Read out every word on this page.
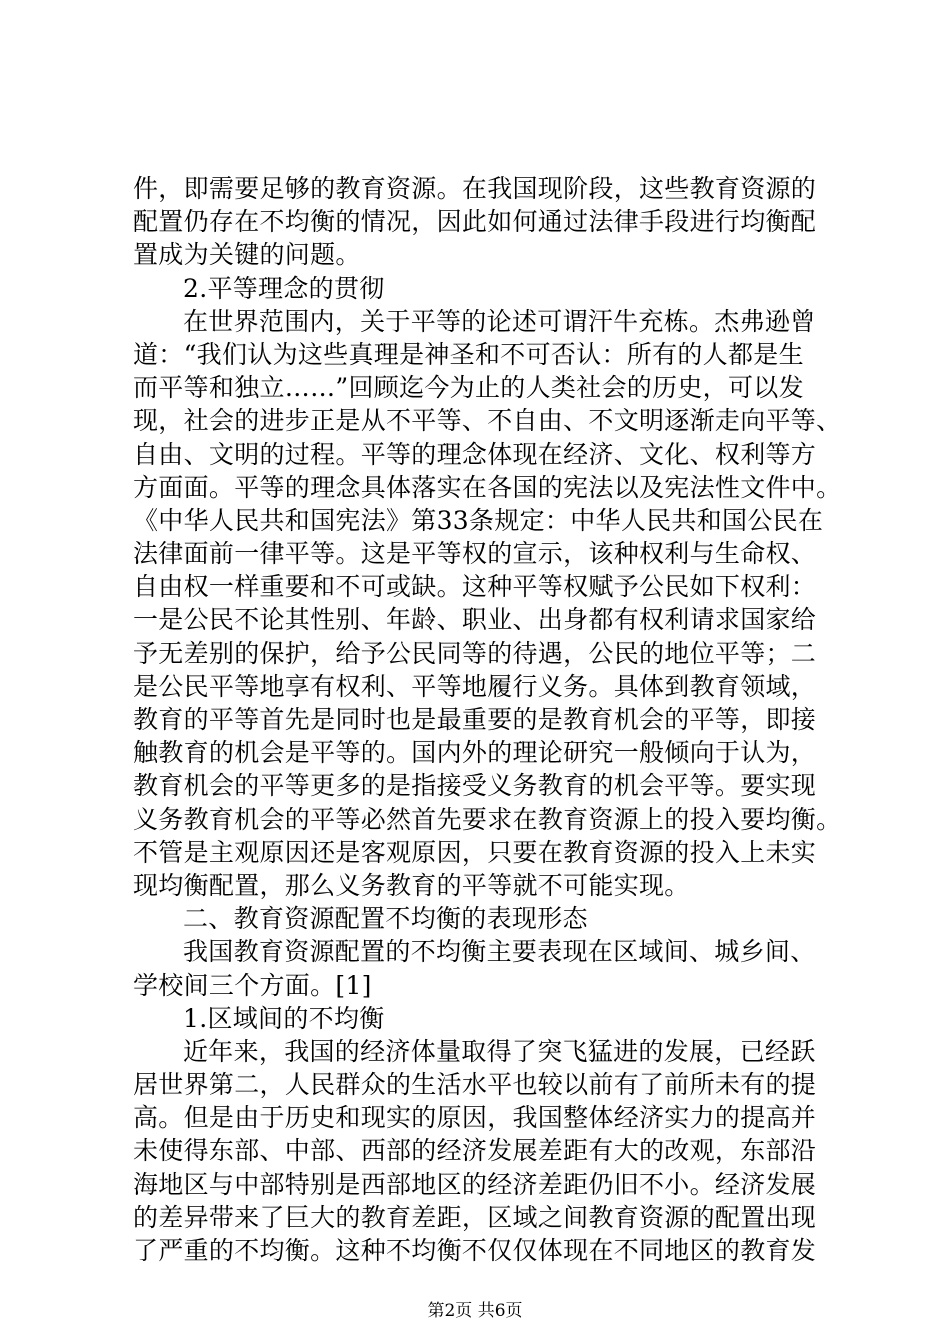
件，即需要足够的教育资源。在我国现阶段，这些教育资源的
配置仍存在不均衡的情况，因此如何通过法律手段进行均衡配
置成为关键的问题。
2.平等理念的贯彻
在世界范围内，关于平等的论述可谓汗牛充栋。杰弗逊曾
道：“我们认为这些真理是神圣和不可否认：所有的人都是生
而平等和独立……”回顾迄今为止的人类社会的历史，可以发
现，社会的进步正是从不平等、不自由、不文明逐渐走向平等、
自由、文明的过程。平等的理念体现在经济、文化、权利等方
方面面。平等的理念具体落实在各国的宪法以及宪法性文件中。
《中华人民共和国宪法》第33条规定：中华人民共和国公民在
法律面前一律平等。这是平等权的宣示，该种权利与生命权、
自由权一样重要和不可或缺。这种平等权赋予公民如下权利：
一是公民不论其性别、年龄、职业、出身都有权利请求国家给
予无差别的保护，给予公民同等的待遇，公民的地位平等；二
是公民平等地享有权利、平等地履行义务。具体到教育领域，
教育的平等首先是同时也是最重要的是教育机会的平等，即接
触教育的机会是平等的。国内外的理论研究一般倾向于认为，
教育机会的平等更多的是指接受义务教育的机会平等。要实现
义务教育机会的平等必然首先要求在教育资源上的投入要均衡。
不管是主观原因还是客观原因，只要在教育资源的投入上未实
现均衡配置，那么义务教育的平等就不可能实现。
二、教育资源配置不均衡的表现形态
我国教育资源配置的不均衡主要表现在区域间、城乡间、
学校间三个方面。[1]
1.区域间的不均衡
近年来，我国的经济体量取得了突飞猛进的发展，已经跃
居世界第二，人民群众的生活水平也较以前有了前所未有的提
高。但是由于历史和现实的原因，我国整体经济实力的提高并
未使得东部、中部、西部的经济发展差距有大的改观，东部沿
海地区与中部特别是西部地区的经济差距仍旧不小。经济发展
的差异带来了巨大的教育差距，区域之间教育资源的配置出现
了严重的不均衡。这种不均衡不仅仅体现在不同地区的教育发
第2页 共6页
